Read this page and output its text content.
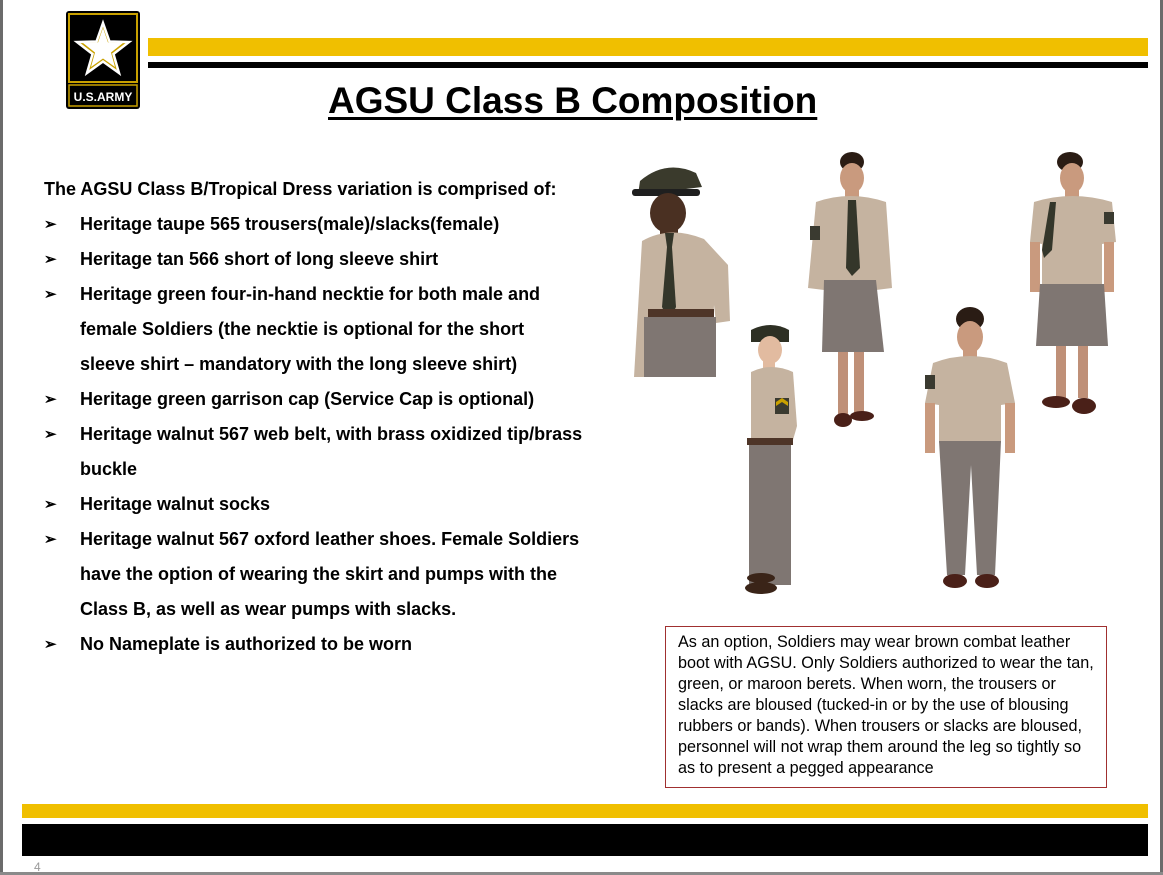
U.S.ARMY	AGSU Class B Composition

The AGSU Class B/Tropical Dress variation is comprised of:

➢	Heritage taupe 565 trousers(male)/slacks(female)
➢	Heritage tan 566 short of long sleeve shirt
➢	Heritage green four-in-hand necktie for both male and female Soldiers (the necktie is optional for the short sleeve shirt – mandatory with the long sleeve shirt)
➢	Heritage green garrison cap (Service Cap is optional)
➢	Heritage walnut 567 web belt, with brass oxidized tip/brass buckle
➢	Heritage walnut socks
➢	Heritage walnut 567 oxford leather shoes. Female Soldiers have the option of wearing the skirt and pumps with the Class B, as well as wear pumps with slacks.
➢	No Nameplate is authorized to be worn	As an option, Soldiers may wear brown combat leather boot with AGSU. Only Soldiers authorized to wear the tan, green, or maroon berets. When worn, the trousers or slacks are bloused (tucked-in or by the use of blousing rubbers or bands). When trousers or slacks are bloused, personnel will not wrap them around the leg so tightly so as to present a pegged appearance
4
